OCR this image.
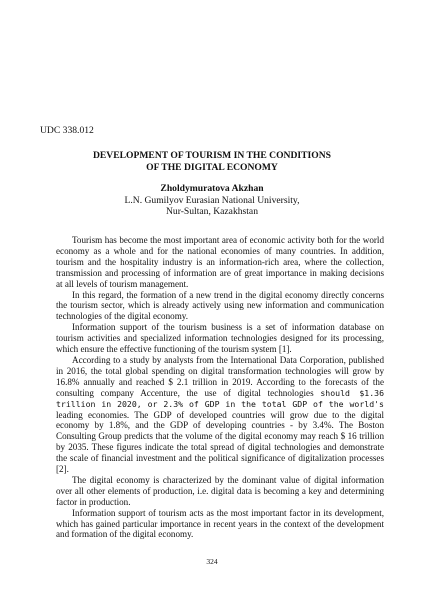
UDC 338.012
DEVELOPMENT OF TOURISM IN THE CONDITIONS
OF THE DIGITAL ECONOMY
Zholdymuratova Akzhan
L.N. Gumilyov Eurasian National University,
Nur-Sultan, Kazakhstan

Tourism has become the most important area of economic activity both for the world economy as a whole and for the national economies of many countries. In addition, tourism and the hospitality industry is an information-rich area, where the collection, transmission and processing of information are of great importance in making decisions at all levels of tourism management.

In this regard, the formation of a new trend in the digital economy directly concerns the tourism sector, which is already actively using new information and communication technologies of the digital economy.

Information support of the tourism business is a set of information database on tourism activities and specialized information technologies designed for its processing, which ensure the effective functioning of the tourism system [1].

According to a study by analysts from the International Data Corporation, published in 2016, the total global spending on digital transformation technologies will grow by 16.8% annually and reached $ 2.1 trillion in 2019. According to the forecasts of the consulting company Accenture, the use of digital technologies should $1.36 trillion in 2020, or 2.3% of GDP in the total GDP of the world's leading economies. The GDP of developed countries will grow due to the digital economy by 1.8%, and the GDP of developing countries - by 3.4%. The Boston Consulting Group predicts that the volume of the digital economy may reach $ 16 trillion by 2035. These figures indicate the total spread of digital technologies and demonstrate the scale of financial investment and the political significance of digitalization processes [2].

The digital economy is characterized by the dominant value of digital information over all other elements of production, i.e. digital data is becoming a key and determining factor in production.

Information support of tourism acts as the most important factor in its development, which has gained particular importance in recent years in the context of the development and formation of the digital economy.

324
